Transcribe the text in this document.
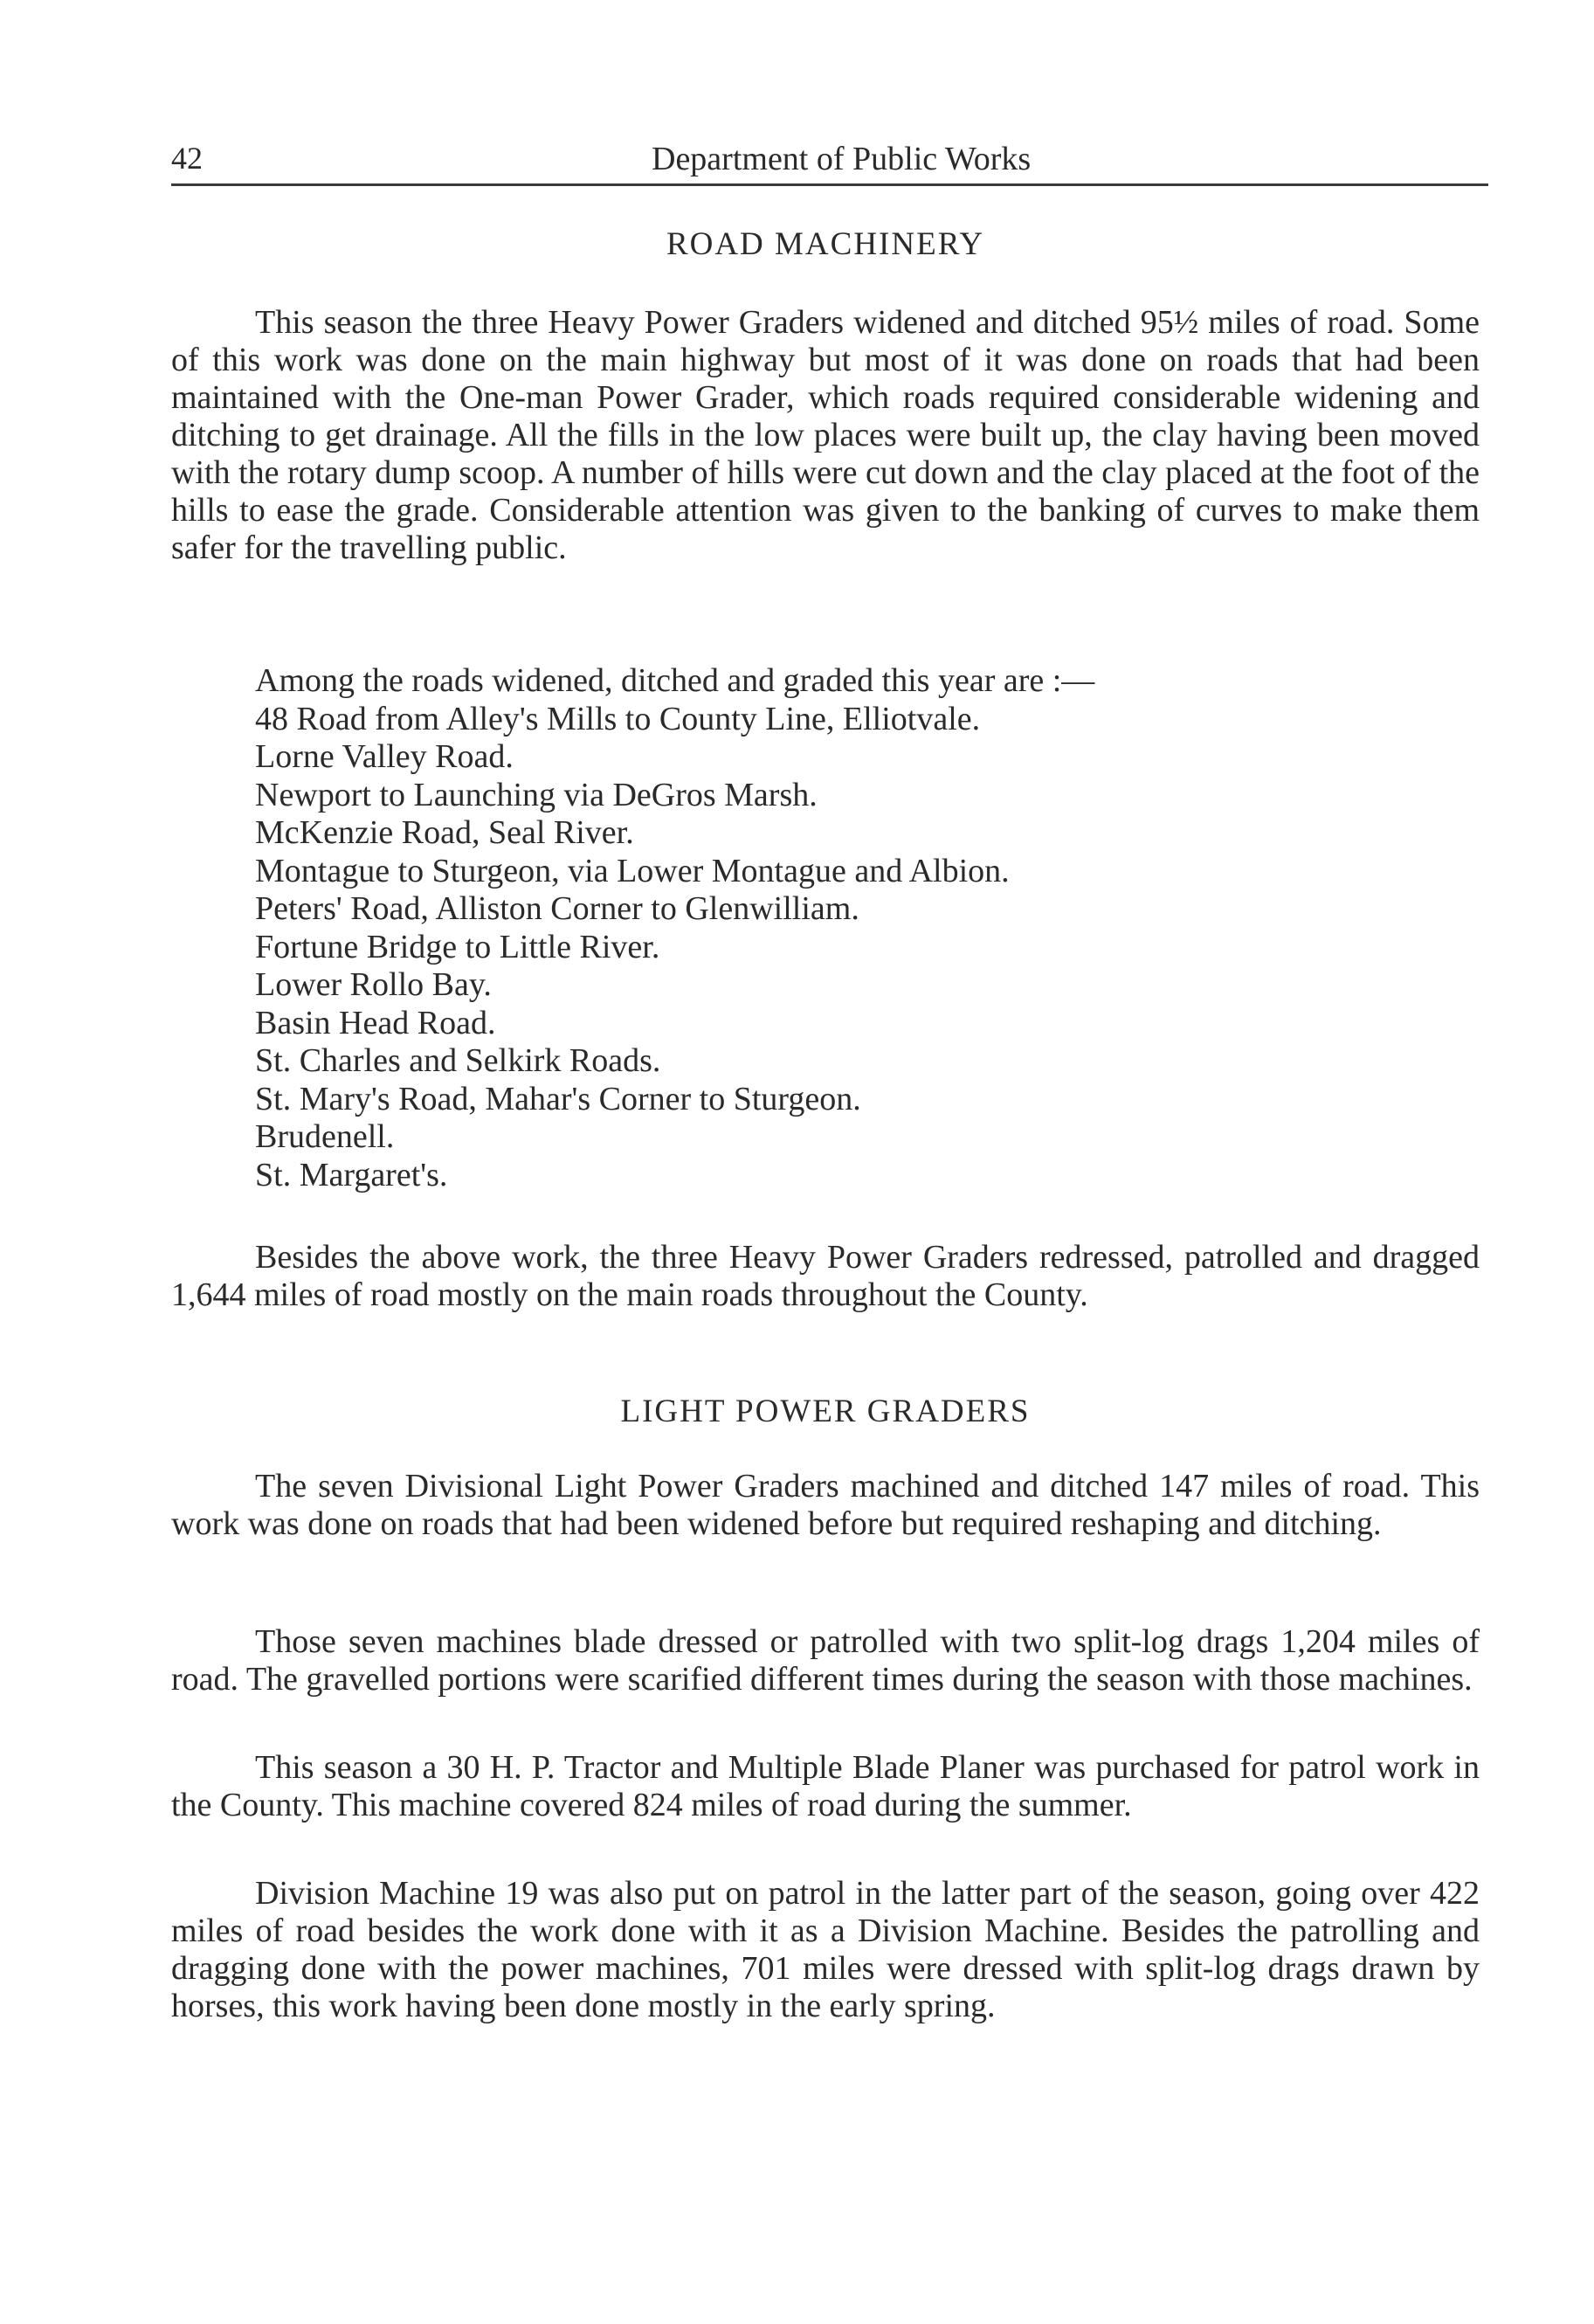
42	Department of Public Works
ROAD MACHINERY

This season the three Heavy Power Graders widened and ditched 95½ miles of road. Some of this work was done on the main highway but most of it was done on roads that had been maintained with the One-man Power Grader, which roads required considerable widening and ditching to get drainage. All the fills in the low places were built up, the clay having been moved with the rotary dump scoop. A number of hills were cut down and the clay placed at the foot of the hills to ease the grade. Considerable attention was given to the banking of curves to make them safer for the travelling public.

Among the roads widened, ditched and graded this year are :—

48 Road from Alley's Mills to County Line, Elliotvale.
Lorne Valley Road.
Newport to Launching via DeGros Marsh.
McKenzie Road, Seal River.
Montague to Sturgeon, via Lower Montague and Albion.
Peters' Road, Alliston Corner to Glenwilliam.
Fortune Bridge to Little River.
Lower Rollo Bay.
Basin Head Road.
St. Charles and Selkirk Roads.
St. Mary's Road, Mahar's Corner to Sturgeon.
Brudenell.
St. Margaret's.

Besides the above work, the three Heavy Power Graders redressed, patrolled and dragged 1,644 miles of road mostly on the main roads throughout the County.

LIGHT POWER GRADERS

The seven Divisional Light Power Graders machined and ditched 147 miles of road. This work was done on roads that had been widened before but required reshaping and ditching.

Those seven machines blade dressed or patrolled with two split-log drags 1,204 miles of road. The gravelled portions were scarified different times during the season with those machines.

This season a 30 H. P. Tractor and Multiple Blade Planer was purchased for patrol work in the County. This machine covered 824 miles of road during the summer.

Division Machine 19 was also put on patrol in the latter part of the season, going over 422 miles of road besides the work done with it as a Division Machine. Besides the patrolling and dragging done with the power machines, 701 miles were dressed with split-log drags drawn by horses, this work having been done mostly in the early spring.
